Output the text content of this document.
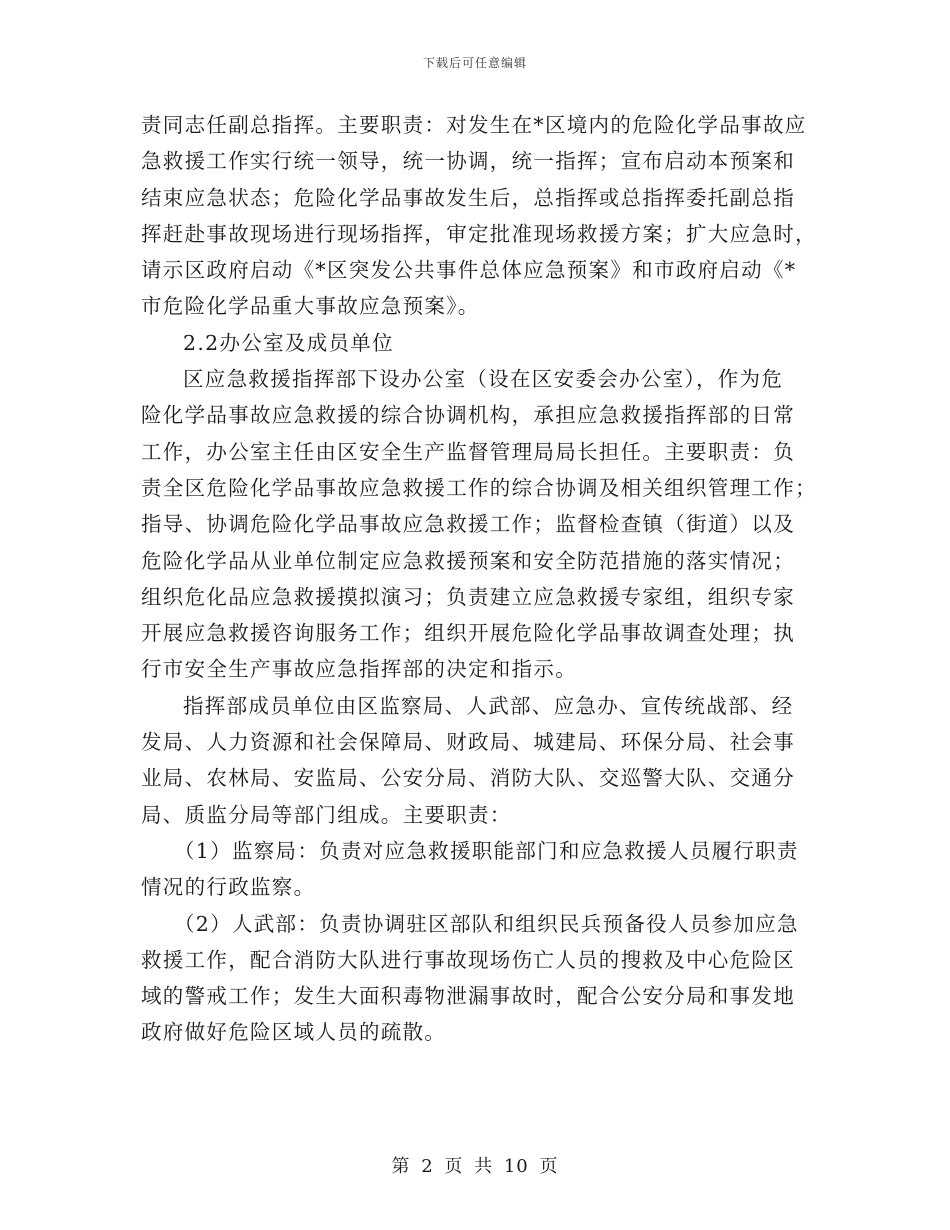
下载后可任意编辑
责同志任副总指挥。主要职责：对发生在*区境内的危险化学品事故应
急救援工作实行统一领导，统一协调，统一指挥；宣布启动本预案和
结束应急状态；危险化学品事故发生后，总指挥或总指挥委托副总指
挥赶赴事故现场进行现场指挥，审定批准现场救援方案；扩大应急时，
请示区政府启动《*区突发公共事件总体应急预案》和市政府启动《*
市危险化学品重大事故应急预案》。
2.2办公室及成员单位
区应急救援指挥部下设办公室（设在区安委会办公室），作为危
险化学品事故应急救援的综合协调机构，承担应急救援指挥部的日常
工作，办公室主任由区安全生产监督管理局局长担任。主要职责：负
责全区危险化学品事故应急救援工作的综合协调及相关组织管理工作；
指导、协调危险化学品事故应急救援工作；监督检查镇（街道）以及
危险化学品从业单位制定应急救援预案和安全防范措施的落实情况；
组织危化品应急救援摸拟演习；负责建立应急救援专家组，组织专家
开展应急救援咨询服务工作；组织开展危险化学品事故调查处理；执
行市安全生产事故应急指挥部的决定和指示。
指挥部成员单位由区监察局、人武部、应急办、宣传统战部、经
发局、人力资源和社会保障局、财政局、城建局、环保分局、社会事
业局、农林局、安监局、公安分局、消防大队、交巡警大队、交通分
局、质监分局等部门组成。主要职责：
（1）监察局：负责对应急救援职能部门和应急救援人员履行职责
情况的行政监察。
（2）人武部：负责协调驻区部队和组织民兵预备役人员参加应急
救援工作，配合消防大队进行事故现场伤亡人员的搜救及中心危险区
域的警戒工作；发生大面积毒物泄漏事故时，配合公安分局和事发地
政府做好危险区域人员的疏散。
第 2 页 共 10 页
